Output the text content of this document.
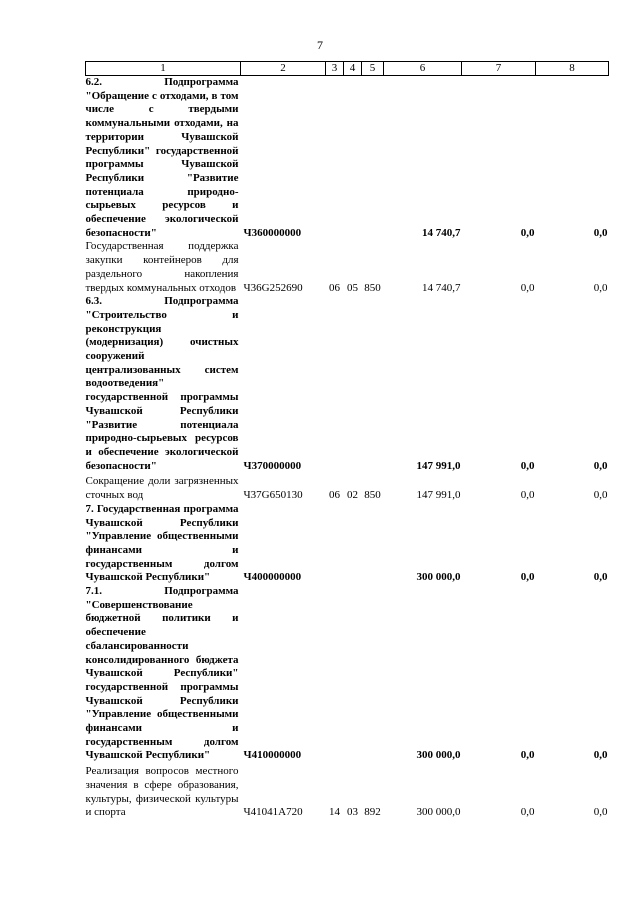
7
1	2	3	4	5	6	7	8
6.2. Подпрограмма "Обращение с отходами, в том числе с твердыми коммунальными отходами, на территории Чувашской Республики" государственной программы Чувашской Республики "Развитие потенциала природно-сырьевых ресурсов и обеспечение экологической безопасности"	Ч360000000				14 740,7	0,0	0,0
Государственная поддержка закупки контейнеров для раздельного накопления твердых коммунальных отходов	Ч36G252690	06	05	850	14 740,7	0,0	0,0
6.3. Подпрограмма "Строительство и реконструкция (модернизация) очистных сооружений централизованных систем водоотведения" государственной программы Чувашской Республики "Развитие потенциала природно-сырьевых ресурсов и обеспечение экологической безопасности"	Ч370000000				147 991,0	0,0	0,0
Сокращение доли загрязненных сточных вод	Ч37G650130	06	02	850	147 991,0	0,0	0,0
7. Государственная программа Чувашской Республики "Управление общественными финансами и государственным долгом Чувашской Республики"	Ч400000000				300 000,0	0,0	0,0
7.1. Подпрограмма "Совершенствование бюджетной политики и обеспечение сбалансированности консолидированного бюджета Чувашской Республики" государственной программы Чувашской Республики "Управление общественными финансами и государственным долгом Чувашской Республики"	Ч410000000				300 000,0	0,0	0,0
Реализация вопросов местного значения в сфере образования, культуры, физической культуры и спорта	Ч41041А720	14	03	892	300 000,0	0,0	0,0
